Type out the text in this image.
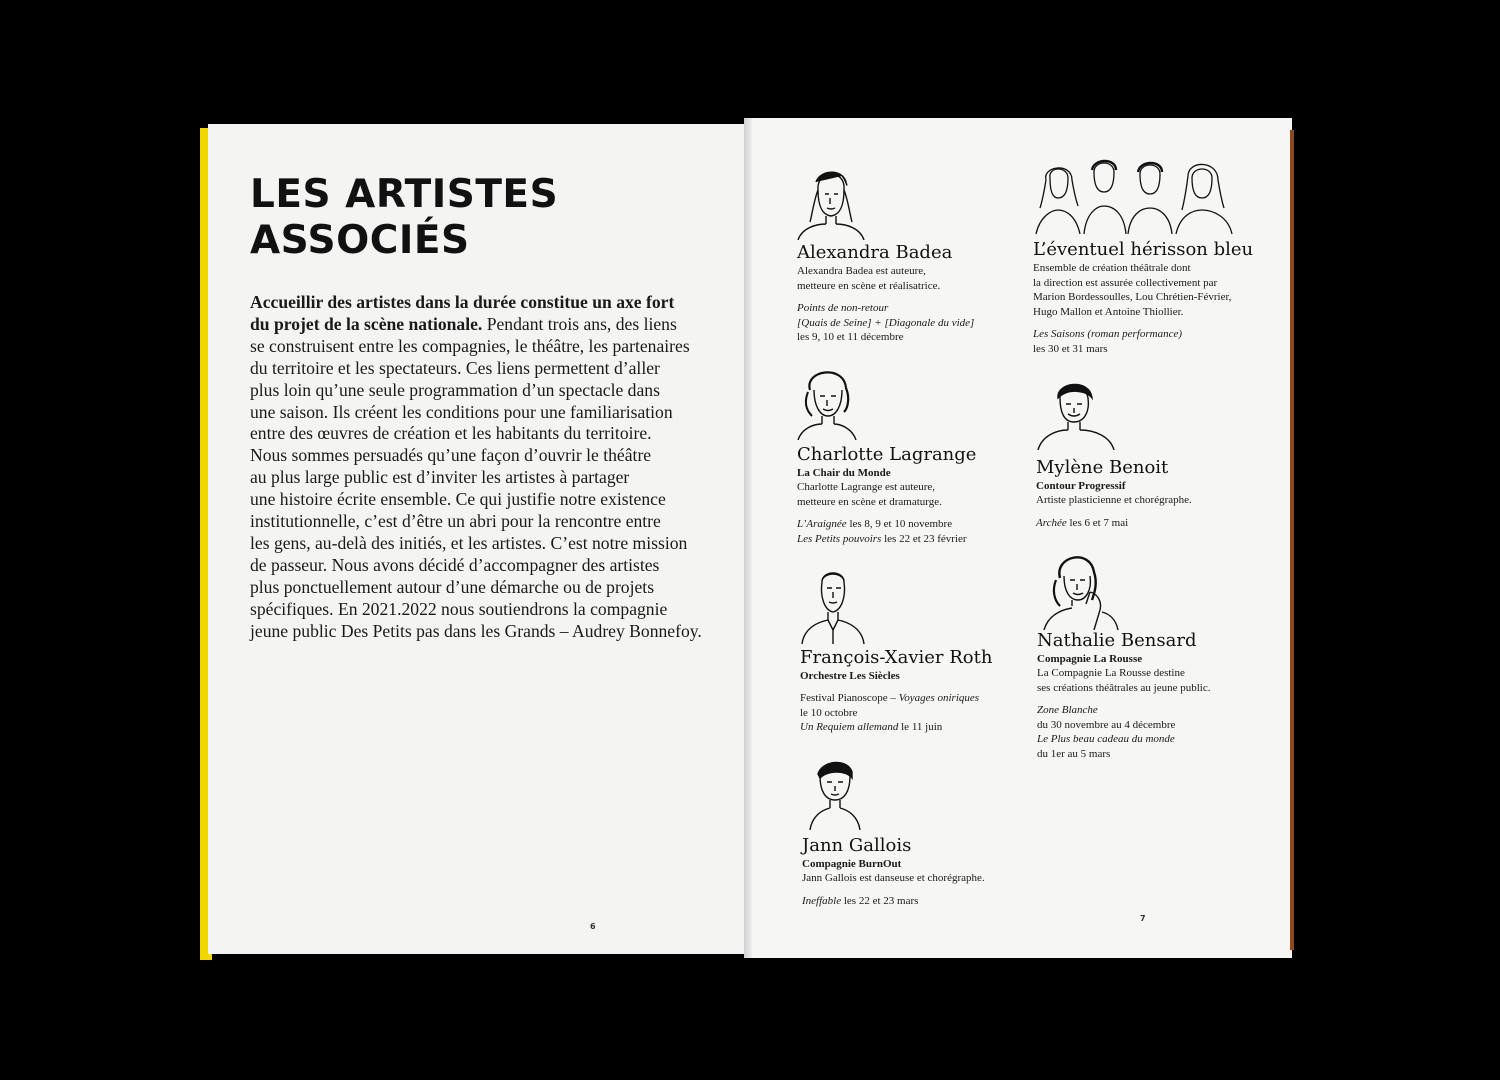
LES ARTISTES
ASSOCIÉS

Accueillir des artistes dans la durée constitue un axe fort
du projet de la scène nationale. Pendant trois ans, des liens
se construisent entre les compagnies, le théâtre, les partenaires
du territoire et les spectateurs. Ces liens permettent d’aller
plus loin qu’une seule programmation d’un spectacle dans
une saison. Ils créent les conditions pour une familiarisation
entre des œuvres de création et les habitants du territoire.
Nous sommes persuadés qu’une façon d’ouvrir le théâtre
au plus large public est d’inviter les artistes à partager
une histoire écrite ensemble. Ce qui justifie notre existence
institutionnelle, c’est d’être un abri pour la rencontre entre
les gens, au-delà des initiés, et les artistes. C’est notre mission
de passeur. Nous avons décidé d’accompagner des artistes
plus ponctuellement autour d’une démarche ou de projets
spécifiques. En 2021.2022 nous soutiendrons la compagnie
jeune public Des Petits pas dans les Grands – Audrey Bonnefoy.

6
Alexandra Badea
Alexandra Badea est auteure,
metteure en scène et réalisatrice.
Points de non-retour
[Quais de Seine] + [Diagonale du vide]
les 9, 10 et 11 décembre
Charlotte Lagrange
La Chair du Monde
Charlotte Lagrange est auteure,
metteure en scène et dramaturge.
L’Araignée les 8, 9 et 10 novembre
Les Petits pouvoirs les 22 et 23 février
François-Xavier Roth
Orchestre Les Siècles
Festival Pianoscope – Voyages oniriques
le 10 octobre
Un Requiem allemand le 11 juin
Jann Gallois
Compagnie BurnOut
Jann Gallois est danseuse et chorégraphe.
Ineffable les 22 et 23 mars
L’éventuel hérisson bleu
Ensemble de création théâtrale dont
la direction est assurée collectivement par
Marion Bordessoulles, Lou Chrétien-Février,
Hugo Mallon et Antoine Thiollier.
Les Saisons (roman performance)
les 30 et 31 mars
Mylène Benoit
Contour Progressif
Artiste plasticienne et chorégraphe.
Archée les 6 et 7 mai
Nathalie Bensard
Compagnie La Rousse
La Compagnie La Rousse destine
ses créations théâtrales au jeune public.
Zone Blanche
du 30 novembre au 4 décembre
Le Plus beau cadeau du monde
du 1er au 5 mars
7
